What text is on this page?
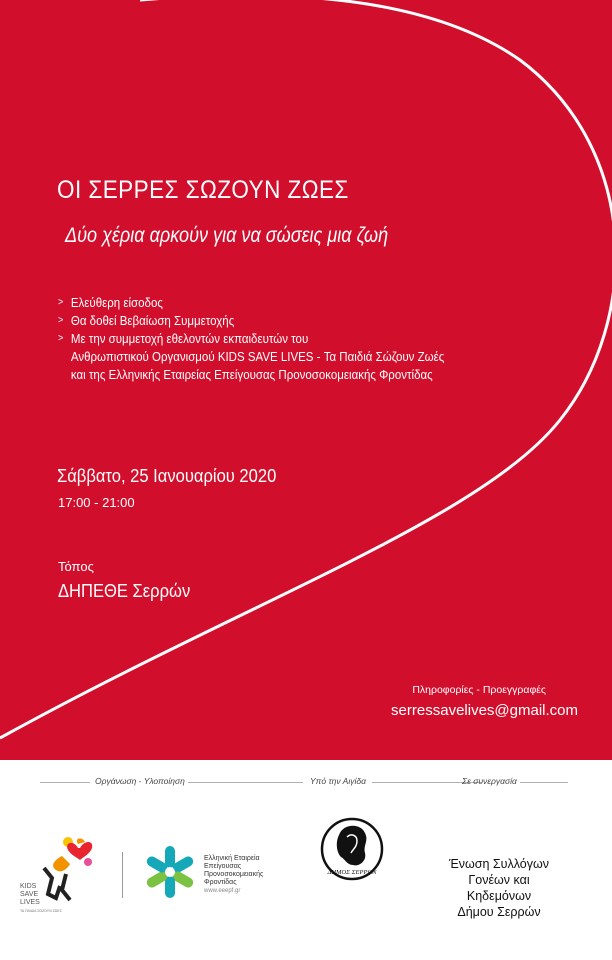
ΟΙ ΣΕΡΡΕΣ ΣΩΖΟΥΝ ΖΩΕΣ
Δύο χέρια αρκούν για να σώσεις μια ζωή
> Ελεύθερη είσοδος
> Θα δοθεί Βεβαίωση Συμμετοχής
> Με την συμμετοχή εθελοντών εκπαιδευτών του
Ανθρωπιστικού Οργανισμού KIDS SAVE LIVES - Τα Παιδιά Σώζουν Ζωές
και της Ελληνικής Εταιρείας Επείγουσας Προνοσοκομειακής Φροντίδας
Σάββατο, 25 Ιανουαρίου 2020
17:00 - 21:00
Τόπος
ΔΗΠΕΘΕ Σερρών
Πληροφορίες - Προεγγραφές
serressavelives@gmail.com
Οργάνωση - Υλοποίηση	Υπό την Αιγίδα	Σε συνεργασία
KIDS
SAVE
LIVES
ΤΑ ΠΑΙΔΙΑ ΣΩΖΟΥΝ ΖΩΕΣ
Ελληνική Εταιρεία
Επείγουσας
Προνοσοκομειακής
Φροντίδας
www.eeepf.gr
ΔΗΜΟΣ ΣΕΡΡΩΝ
Ένωση Συλλόγων
Γονέων και Κηδεμόνων
Δήμου Σερρών
